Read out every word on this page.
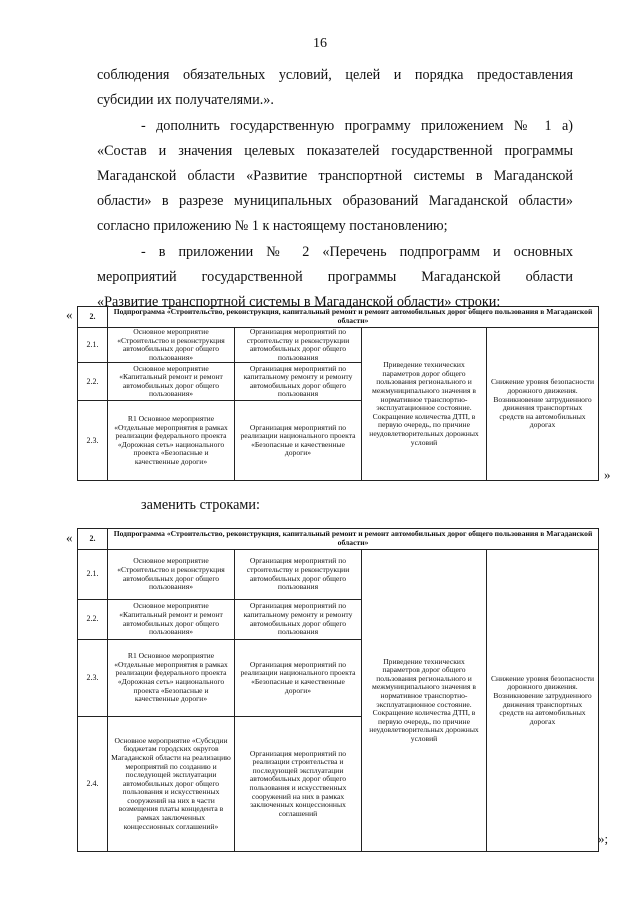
16
соблюдения обязательных условий, целей и порядка предоставления
субсидии их получателями.».
- дополнить государственную программу приложением № 1 а)
«Состав и значения целевых показателей государственной программы
Магаданской области «Развитие транспортной системы в Магаданской
области» в разрезе муниципальных образований Магаданской области»
согласно приложению № 1 к настоящему постановлению;
- в приложении № 2 «Перечень подпрограмм и основных
мероприятий государственной программы Магаданской области
«Развитие транспортной системы в Магаданской области» строки:
« 2.	Подпрограмма «Строительство, реконструкция, капитальный ремонт и ремонт автомобильных дорог общего пользования в Магаданской области»			
2.1.	Основное мероприятие «Строительство и реконструкция автомобильных дорог общего пользования»	Организация мероприятий по строительству и реконструкции автомобильных дорог общего пользования	Приведение технических параметров дорог общего пользования регионального и межмуниципального значения в нормативное транспортно-эксплуатационное состояние. Сокращение количества ДТП, в первую очередь, по причине неудовлетворительных дорожных условий	Снижение уровня безопасности дорожного движения. Возникновение затрудненного движения транспортных средств на автомобильных дорогах
2.2.	Основное мероприятие «Капитальный ремонт и ремонт автомобильных дорог общего пользования»	Организация мероприятий по капитальному ремонту и ремонту автомобильных дорог общего пользования		
2.3.	R1 Основное мероприятие «Отдельные мероприятия в рамках реализации федерального проекта «Дорожная сеть» национального проекта «Безопасные и качественные дороги»	Организация мероприятий по реализации национального проекта «Безопасные и качественные дороги»		
»
заменить строками:
« 2.	Подпрограмма «Строительство, реконструкция, капитальный ремонт и ремонт автомобильных дорог общего пользования в Магаданской области»			
2.1.	Основное мероприятие «Строительство и реконструкция автомобильных дорог общего пользования»	Организация мероприятий по строительству и реконструкции автомобильных дорог общего пользования	Приведение технических параметров дорог общего пользования регионального и межмуниципального значения в нормативное транспортно-эксплуатационное состояние. Сокращение количества ДТП, в первую очередь, по причине неудовлетворительных дорожных условий	Снижение уровня безопасности дорожного движения. Возникновение затрудненного движения транспортных средств на автомобильных дорогах
2.2.	Основное мероприятие «Капитальный ремонт и ремонт автомобильных дорог общего пользования»	Организация мероприятий по капитальному ремонту и ремонту автомобильных дорог общего пользования		
2.3.	R1 Основное мероприятие «Отдельные мероприятия в рамках реализации федерального проекта «Дорожная сеть» национального проекта «Безопасные и качественные дороги»	Организация мероприятий по реализации национального проекта «Безопасные и качественные дороги»		
2.4.	Основное мероприятие «Субсидии бюджетам городских округов Магаданской области на реализацию мероприятий по созданию и последующей эксплуатации автомобильных дорог общего пользования и искусственных сооружений на них в части возмещения платы концедента в рамках заключенных концессионных соглашений»	Организация мероприятий по реализации строительства и последующей эксплуатации автомобильных дорог общего пользования и искусственных сооружений на них в рамках заключенных концессионных соглашений		
»;
